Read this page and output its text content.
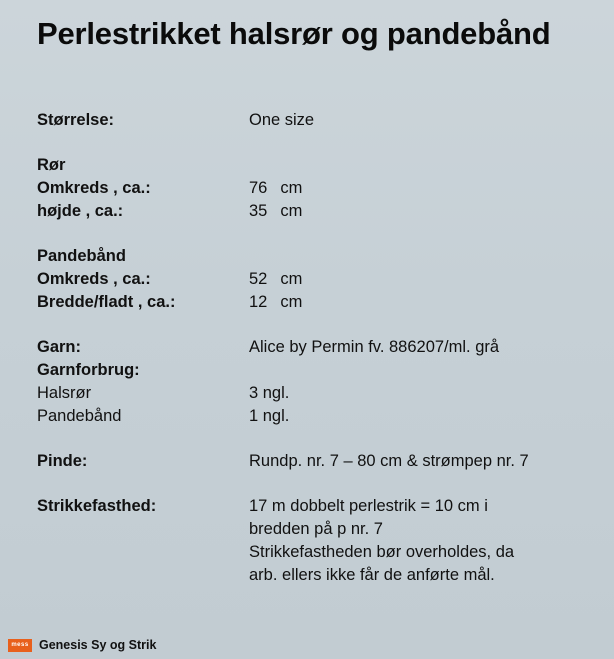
Perlestrikket halsrør og pandebånd
Størrelse:	One size

Rør	
Omkreds , ca.:	76 cm
højde , ca.:	35 cm

Pandebånd	
Omkreds , ca.:	52 cm
Bredde/fladt , ca.:	12 cm

Garn:	Alice by Permin fv. 886207/ml. grå
Garnforbrug:	
Halsrør	3 ngl.
Pandebånd	1 ngl.

Pinde:	Rundp. nr. 7 – 80 cm & strømpep nr. 7

Strikkefasthed:	17 m dobbelt perlestrik = 10 cm i
bredden på p nr. 7
Strikkefastheden bør overholdes, da
arb. ellers ikke får de anførte mål.
mess Genesis Sy og Strik
